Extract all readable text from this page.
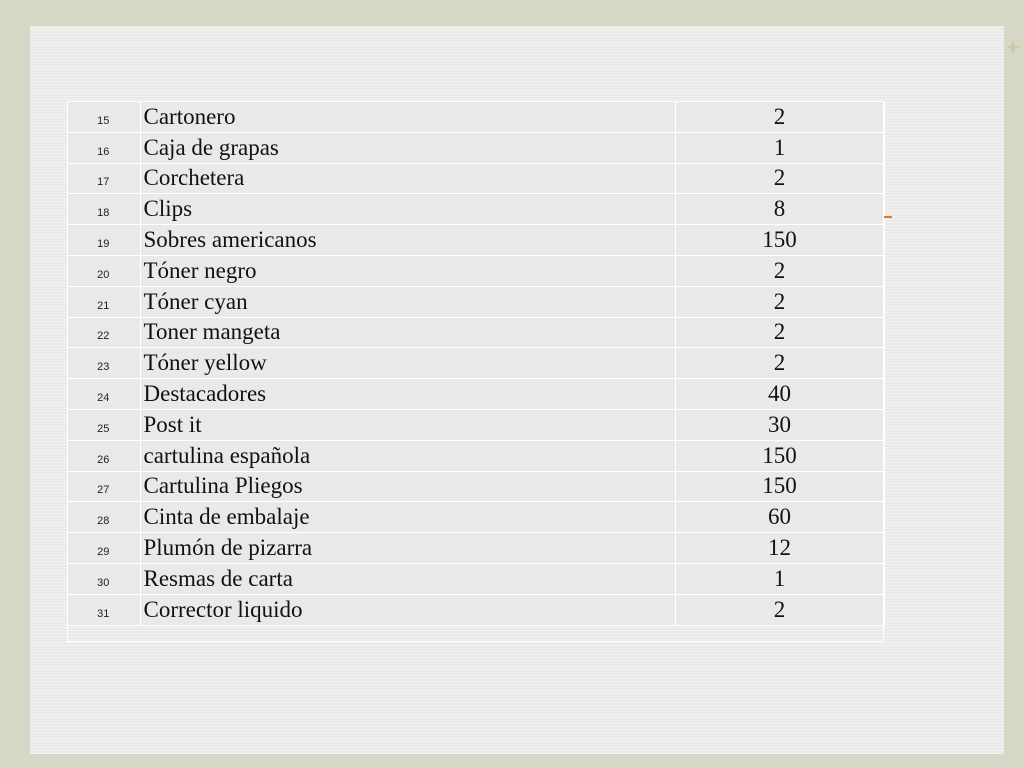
15	Cartonero	2
16	Caja de grapas	1
17	Corchetera	2
18	Clips	8
19	Sobres americanos	150
20	Tóner negro	2
21	Tóner cyan	2
22	Toner mangeta	2
23	Tóner yellow	2
24	Destacadores	40
25	Post it	30
26	cartulina española	150
27	Cartulina Pliegos	150
28	Cinta de embalaje	60
29	Plumón de pizarra	12
30	Resmas de carta	1
31	Corrector liquido	2
